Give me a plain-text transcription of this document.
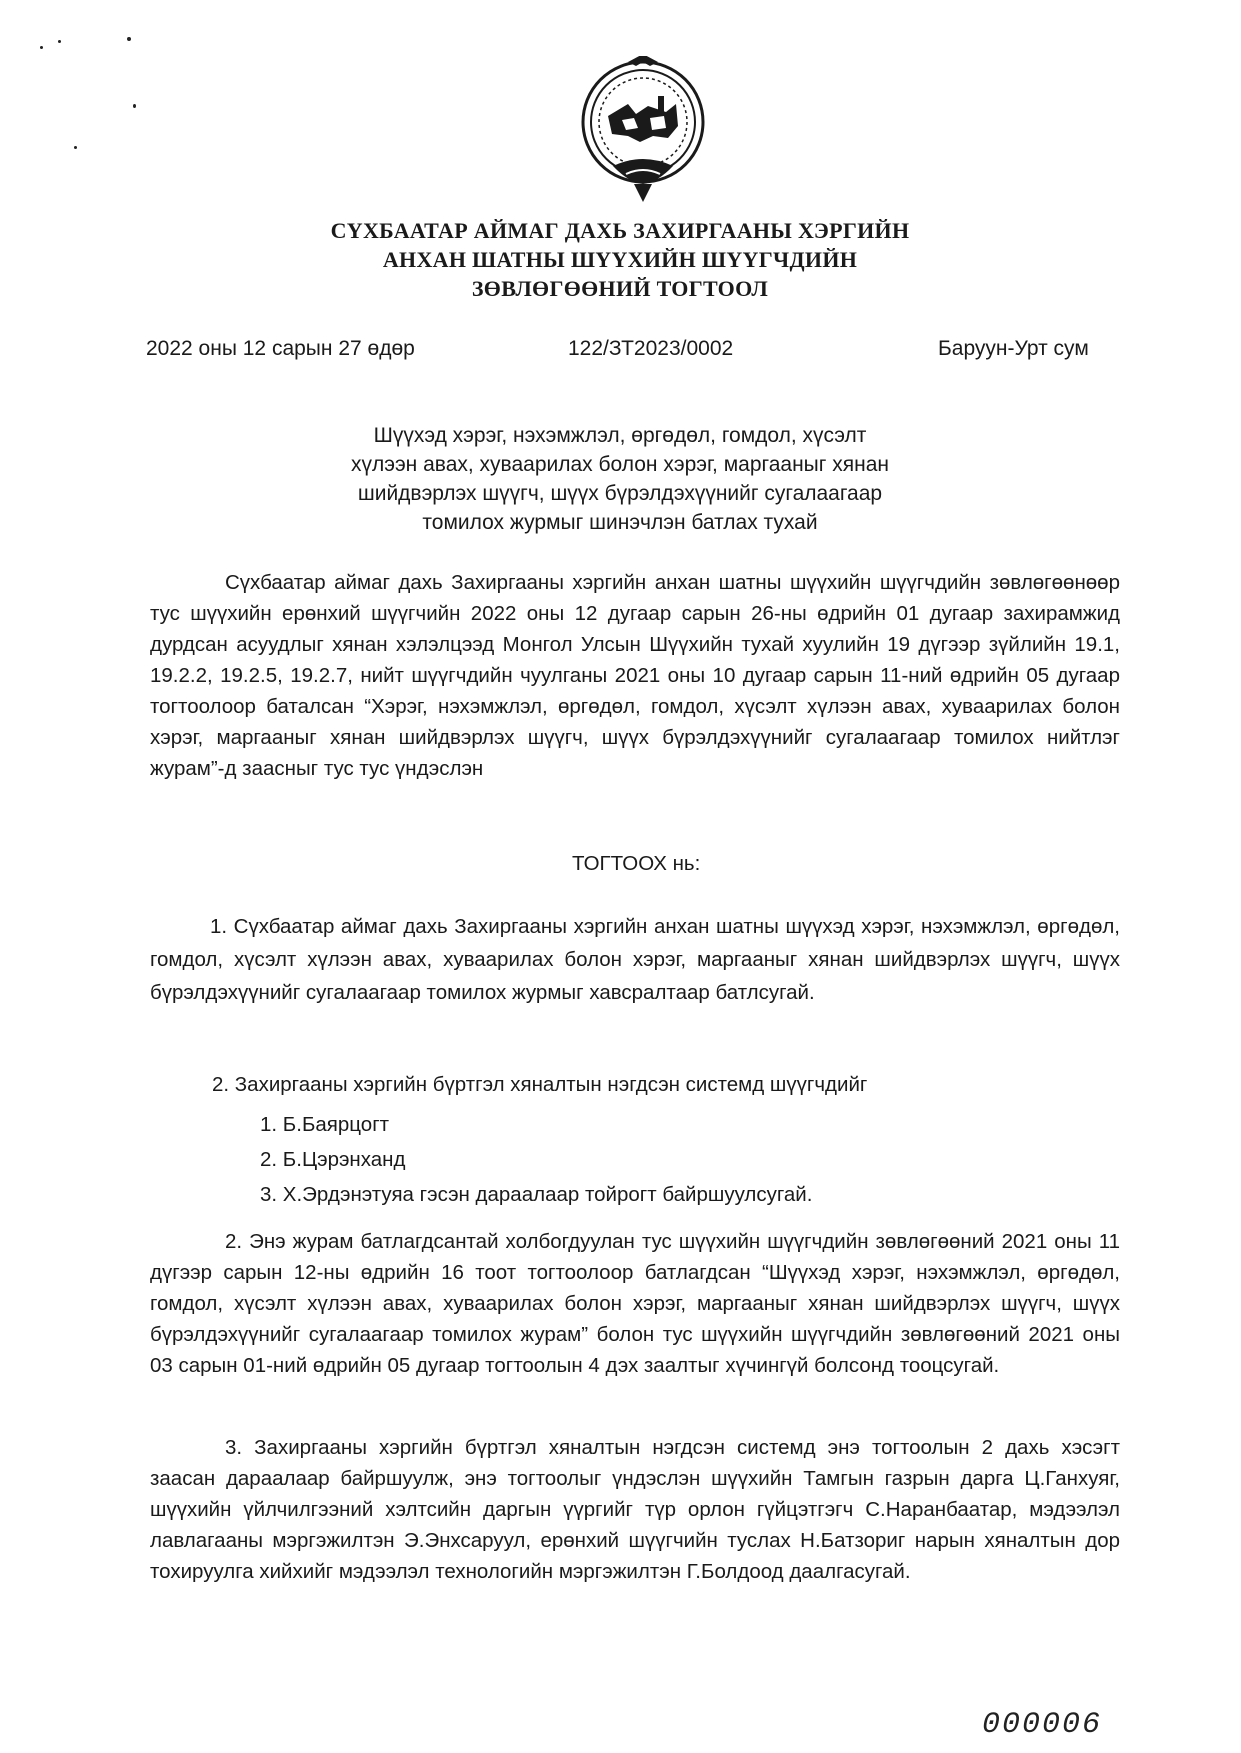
СҮХБААТАР АЙМАГ ДАХЬ ЗАХИРГААНЫ ХЭРГИЙН
АНХАН ШАТНЫ ШҮҮХИЙН ШҮҮГЧДИЙН
ЗӨВЛӨГӨӨНИЙ ТОГТООЛ
2022 оны 12 сарын 27 өдөр	122/ЗТ2023/0002	Баруун-Урт сум
Шүүхэд хэрэг, нэхэмжлэл, өргөдөл, гомдол, хүсэлт
хүлээн авах, хуваарилах болон хэрэг, маргааныг хянан
шийдвэрлэх шүүгч, шүүх бүрэлдэхүүнийг сугалаагаар
томилох журмыг шинэчлэн батлах тухай
Сүхбаатар аймаг дахь Захиргааны хэргийн анхан шатны шүүхийн шүүгчдийн зөвлөгөөнөөр тус шүүхийн ерөнхий шүүгчийн 2022 оны 12 дугаар сарын 26-ны өдрийн 01 дугаар захирамжид дурдсан асуудлыг хянан хэлэлцээд Монгол Улсын Шүүхийн тухай хуулийн 19 дүгээр зүйлийн 19.1, 19.2.2, 19.2.5, 19.2.7, нийт шүүгчдийн чуулганы 2021 оны 10 дугаар сарын 11-ний өдрийн 05 дугаар тогтоолоор баталсан “Хэрэг, нэхэмжлэл, өргөдөл, гомдол, хүсэлт хүлээн авах, хуваарилах болон хэрэг, маргааныг хянан шийдвэрлэх шүүгч, шүүх бүрэлдэхүүнийг сугалаагаар томилох нийтлэг журам”-д заасныг тус тус үндэслэн
ТОГТООХ нь:
1. Сүхбаатар аймаг дахь Захиргааны хэргийн анхан шатны шүүхэд хэрэг, нэхэмжлэл, өргөдөл, гомдол, хүсэлт хүлээн авах, хуваарилах болон хэрэг, маргааныг хянан шийдвэрлэх шүүгч, шүүх бүрэлдэхүүнийг сугалаагаар томилох журмыг хавсралтаар батлсугай.
2. Захиргааны хэргийн бүртгэл хяналтын нэгдсэн системд шүүгчдийг
1. Б.Баярцогт
2. Б.Цэрэнханд
3. Х.Эрдэнэтуяа гэсэн дараалаар тойрогт байршуулсугай.
2. Энэ журам батлагдсантай холбогдуулан тус шүүхийн шүүгчдийн зөвлөгөөний 2021 оны 11 дүгээр сарын 12-ны өдрийн 16 тоот тогтоолоор батлагдсан “Шүүхэд хэрэг, нэхэмжлэл, өргөдөл, гомдол, хүсэлт хүлээн авах, хуваарилах болон хэрэг, маргааныг хянан шийдвэрлэх шүүгч, шүүх бүрэлдэхүүнийг сугалаагаар томилох журам” болон тус шүүхийн шүүгчдийн зөвлөгөөний 2021 оны 03 сарын 01-ний өдрийн 05 дугаар тогтоолын 4 дэх заалтыг хүчингүй болсонд тооцсугай.
3. Захиргааны хэргийн бүртгэл хяналтын нэгдсэн системд энэ тогтоолын 2 дахь хэсэгт заасан дараалаар байршуулж, энэ тогтоолыг үндэслэн шүүхийн Тамгын газрын дарга Ц.Ганхуяг, шүүхийн үйлчилгээний хэлтсийн даргын үүргийг түр орлон гүйцэтгэгч С.Наранбаатар, мэдээлэл лавлагааны мэргэжилтэн Э.Энхсаруул, ерөнхий шүүгчийн туслах Н.Батзориг нарын хяналтын дор тохируулга хийхийг мэдээлэл технологийн мэргэжилтэн Г.Болдоод даалгасугай.
000006
